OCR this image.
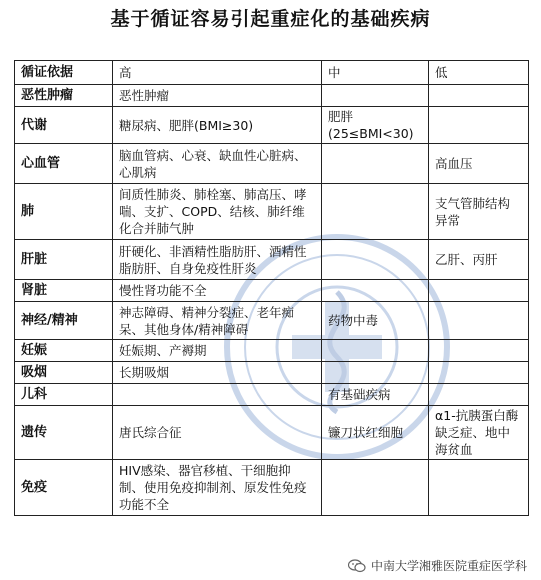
基于循证容易引起重症化的基础疾病
循证依据	高	中	低
恶性肿瘤	恶性肿瘤		
代谢	糖尿病、肥胖(BMI≥30)	肥胖(25≤BMI<30)	
心血管	脑血管病、心衰、缺血性心脏病、心肌病		高血压
肺	间质性肺炎、肺栓塞、肺高压、哮喘、支扩、COPD、结核、肺纤维化合并肺气肿		支气管肺结构异常
肝脏	肝硬化、非酒精性脂肪肝、酒精性脂肪肝、自身免疫性肝炎		乙肝、丙肝
肾脏	慢性肾功能不全		
神经/精神	神志障碍、精神分裂症、老年痴呆、其他身体/精神障碍	药物中毒	
妊娠	妊娠期、产褥期		
吸烟	长期吸烟		
儿科		有基础疾病	
遗传	唐氏综合征	镰刀状红细胞	α1-抗胰蛋白酶缺乏症、地中海贫血
免疫	HIV感染、器官移植、干细胞抑制、使用免疫抑制剂、原发性免疫功能不全		
中南大学湘雅医院重症医学科
